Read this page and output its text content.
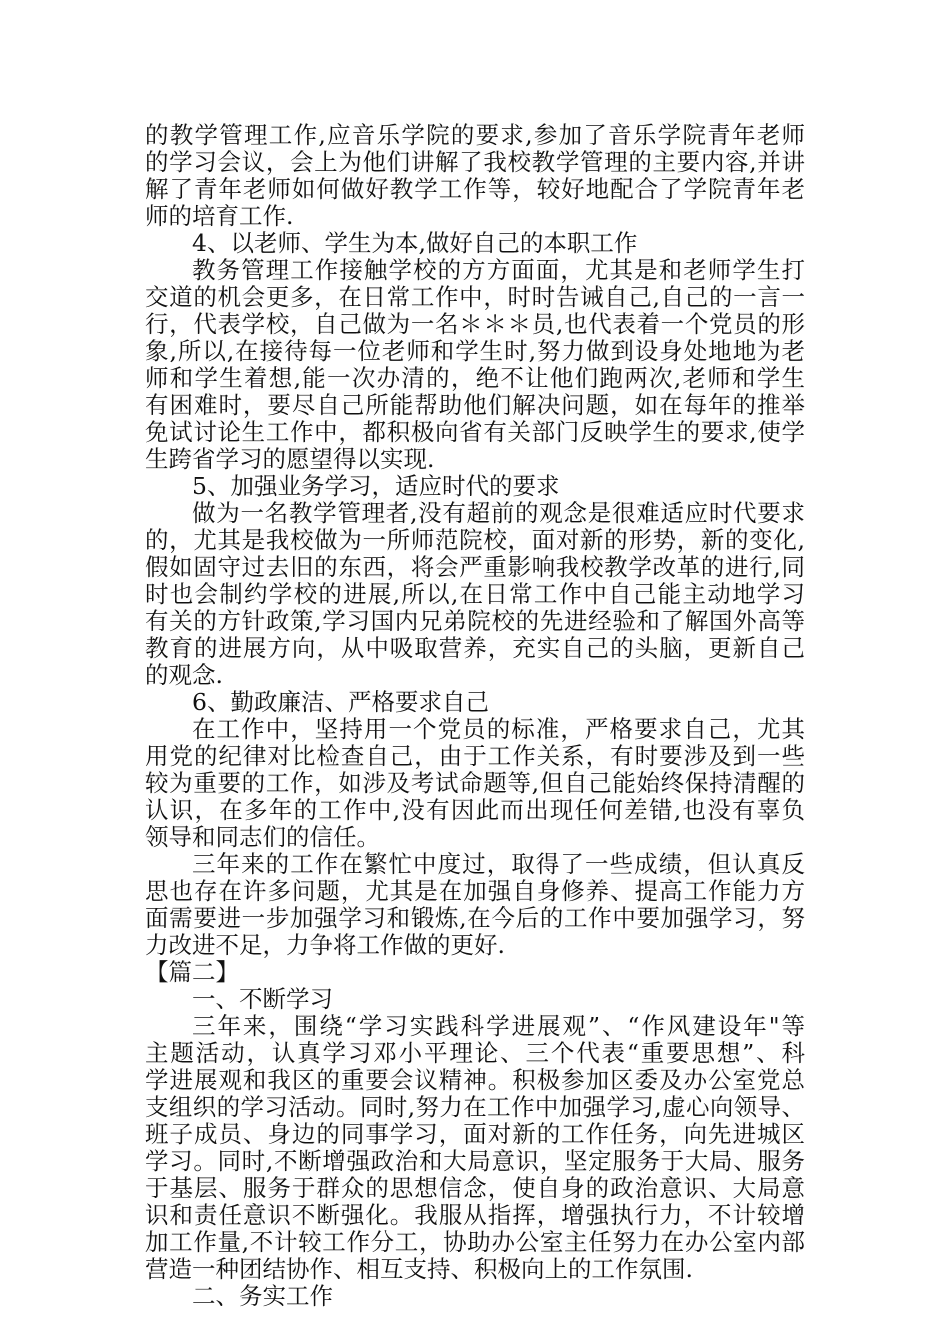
的教学管理工作,应音乐学院的要求,参加了音乐学院青年老师
的学习会议，会上为他们讲解了我校教学管理的主要内容,并讲
解了青年老师如何做好教学工作等，较好地配合了学院青年老
师的培育工作.
4、以老师、学生为本,做好自己的本职工作
教务管理工作接触学校的方方面面，尤其是和老师学生打
交道的机会更多，在日常工作中，时时告诫自己,自己的一言一
行，代表学校，自己做为一名＊＊＊员,也代表着一个党员的形
象,所以,在接待每一位老师和学生时,努力做到设身处地地为老
师和学生着想,能一次办清的，绝不让他们跑两次,老师和学生
有困难时，要尽自己所能帮助他们解决问题，如在每年的推举
免试讨论生工作中，都积极向省有关部门反映学生的要求,使学
生跨省学习的愿望得以实现.
5、加强业务学习，适应时代的要求
做为一名教学管理者,没有超前的观念是很难适应时代要求
的，尤其是我校做为一所师范院校，面对新的形势，新的变化,
假如固守过去旧的东西，将会严重影响我校教学改革的进行,同
时也会制约学校的进展,所以,在日常工作中自己能主动地学习
有关的方针政策,学习国内兄弟院校的先进经验和了解国外高等
教育的进展方向，从中吸取营养，充实自己的头脑，更新自己
的观念.
6、勤政廉洁、严格要求自己
在工作中，坚持用一个党员的标准，严格要求自己，尤其
用党的纪律对比检查自己，由于工作关系，有时要涉及到一些
较为重要的工作，如涉及考试命题等,但自己能始终保持清醒的
认识，在多年的工作中,没有因此而出现任何差错,也没有辜负
领导和同志们的信任。
三年来的工作在繁忙中度过，取得了一些成绩，但认真反
思也存在许多问题，尤其是在加强自身修养、提高工作能力方
面需要进一步加强学习和锻炼,在今后的工作中要加强学习，努
力改进不足，力争将工作做的更好.
【篇二】
一、不断学习
三年来，围绕“学习实践科学进展观”、“作风建设年"等
主题活动，认真学习邓小平理论、三个代表“重要思想”、科
学进展观和我区的重要会议精神。积极参加区委及办公室党总
支组织的学习活动。同时,努力在工作中加强学习,虚心向领导、
班子成员、身边的同事学习，面对新的工作任务，向先进城区
学习。同时,不断增强政治和大局意识，坚定服务于大局、服务
于基层、服务于群众的思想信念，使自身的政治意识、大局意
识和责任意识不断强化。我服从指挥，增强执行力，不计较增
加工作量,不计较工作分工，协助办公室主任努力在办公室内部
营造一种团结协作、相互支持、积极向上的工作氛围.
二、务实工作
